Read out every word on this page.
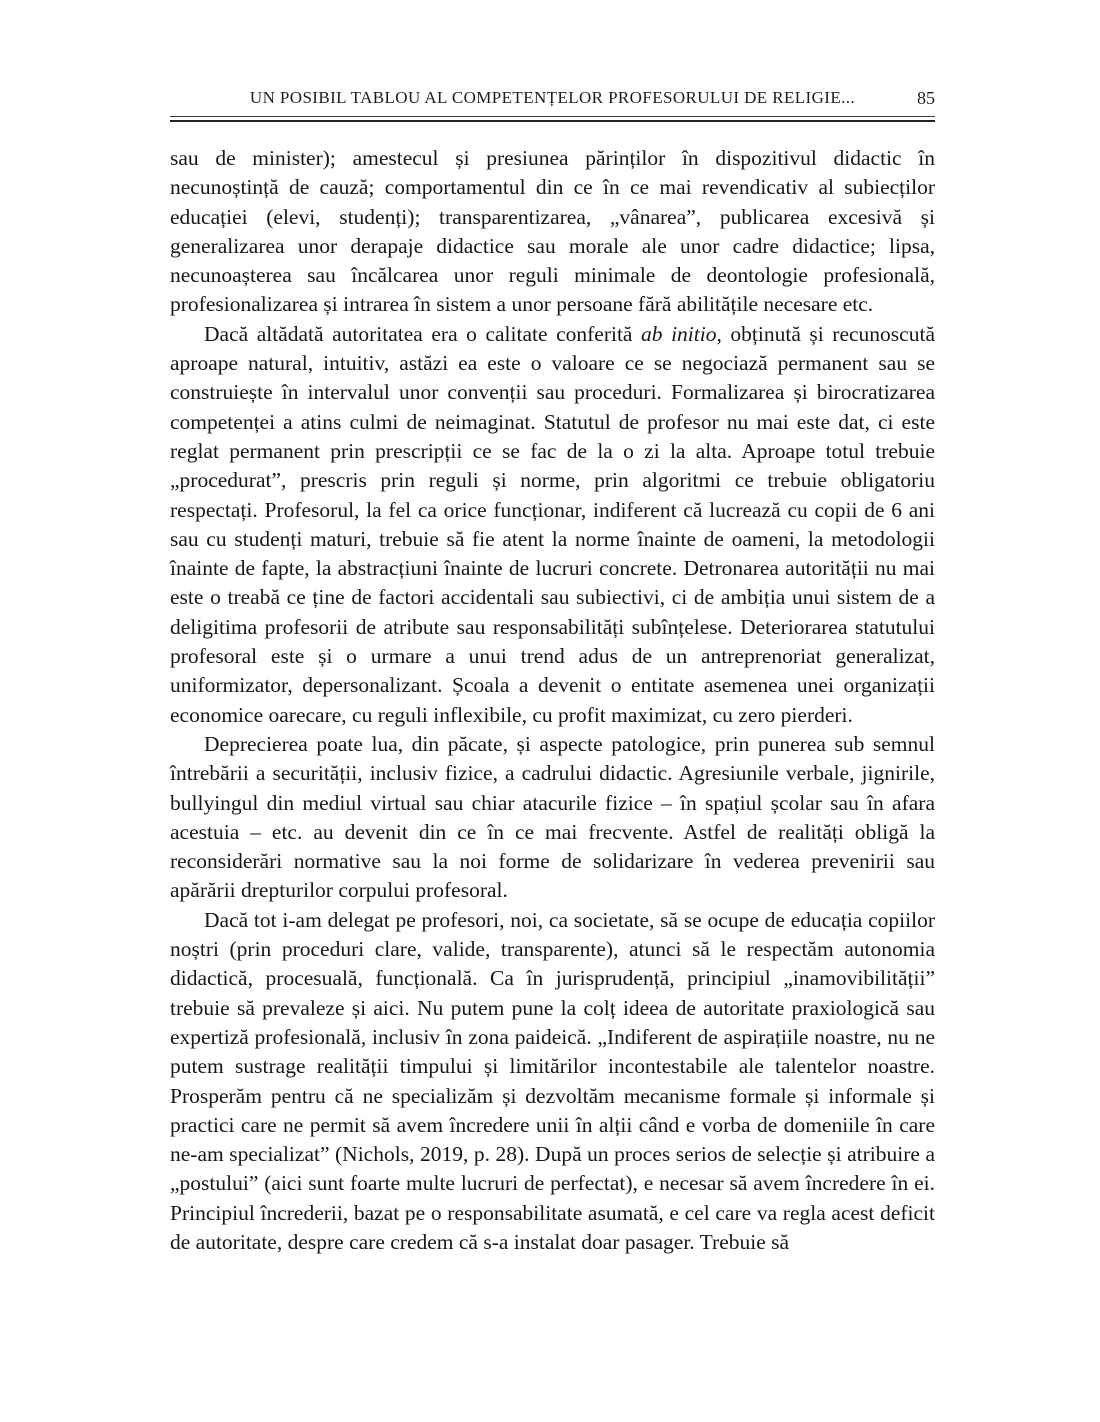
UN POSIBIL TABLOU AL COMPETENȚELOR PROFESORULUI DE RELIGIE...	85

sau de minister); amestecul și presiunea părinților în dispozitivul didactic în necunoștință de cauză; comportamentul din ce în ce mai revendicativ al subiecților educației (elevi, studenți); transparentizarea, „vânarea”, publicarea excesivă și generalizarea unor derapaje didactice sau morale ale unor cadre didactice; lipsa, necunoașterea sau încălcarea unor reguli minimale de deontologie profesională, profesionalizarea și intrarea în sistem a unor persoane fără abilitățile necesare etc.

Dacă altădată autoritatea era o calitate conferită ab initio, obținută și recunoscută aproape natural, intuitiv, astăzi ea este o valoare ce se negociază permanent sau se construiește în intervalul unor convenții sau proceduri. Formalizarea și birocratizarea competenței a atins culmi de neimaginat. Statutul de profesor nu mai este dat, ci este reglat permanent prin prescripții ce se fac de la o zi la alta. Aproape totul trebuie „procedurat”, prescris prin reguli și norme, prin algoritmi ce trebuie obligatoriu respectați. Profesorul, la fel ca orice funcționar, indiferent că lucrează cu copii de 6 ani sau cu studenți maturi, trebuie să fie atent la norme înainte de oameni, la metodologii înainte de fapte, la abstracțiuni înainte de lucruri concrete. Detronarea autorității nu mai este o treabă ce ține de factori accidentali sau subiectivi, ci de ambiția unui sistem de a deligitima profesorii de atribute sau responsabilități subînțelese. Deteriorarea statutului profesoral este și o urmare a unui trend adus de un antreprenoriat generalizat, uniformizator, depersonalizant. Școala a devenit o entitate asemenea unei organizații economice oarecare, cu reguli inflexibile, cu profit maximizat, cu zero pierderi.

Deprecierea poate lua, din păcate, și aspecte patologice, prin punerea sub semnul întrebării a securității, inclusiv fizice, a cadrului didactic. Agresiunile verbale, jignirile, bullyingul din mediul virtual sau chiar atacurile fizice – în spațiul școlar sau în afara acestuia – etc. au devenit din ce în ce mai frecvente. Astfel de realități obligă la reconsiderări normative sau la noi forme de solidarizare în vederea prevenirii sau apărării drepturilor corpului profesoral.

Dacă tot i-am delegat pe profesori, noi, ca societate, să se ocupe de educația copiilor noștri (prin proceduri clare, valide, transparente), atunci să le respectăm autonomia didactică, procesuală, funcțională. Ca în jurisprudență, principiul „inamovibilității” trebuie să prevaleze și aici. Nu putem pune la colț ideea de autoritate praxiologică sau expertiză profesională, inclusiv în zona paideică. „Indiferent de aspirațiile noastre, nu ne putem sustrage realității timpului și limitărilor incontestabile ale talentelor noastre. Prosperăm pentru că ne specializăm și dezvoltăm mecanisme formale și informale și practici care ne permit să avem încredere unii în alții când e vorba de domeniile în care ne-am specializat” (Nichols, 2019, p. 28). După un proces serios de selecție și atribuire a „postului” (aici sunt foarte multe lucruri de perfectat), e necesar să avem încredere în ei. Principiul încrederii, bazat pe o responsabilitate asumată, e cel care va regla acest deficit de autoritate, despre care credem că s-a instalat doar pasager. Trebuie să
